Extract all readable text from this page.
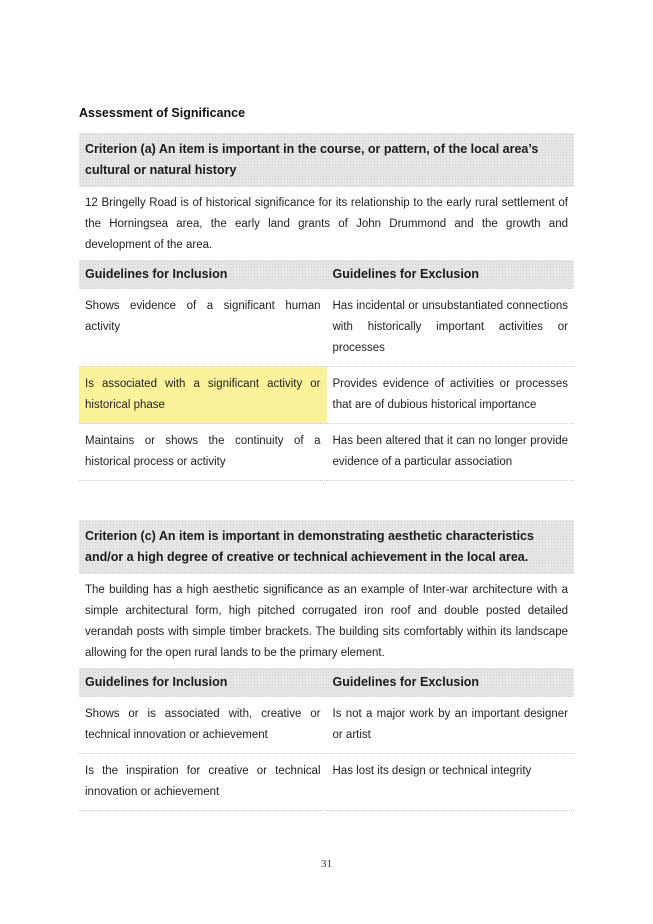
Assessment of Significance
Criterion (a) An item is important in the course, or pattern, of the local area’s cultural or natural history
12 Bringelly Road is of historical significance for its relationship to the early rural settlement of the Horningsea area, the early land grants of John Drummond and the growth and development of the area.
Guidelines for Inclusion	Guidelines for Exclusion
Shows evidence of a significant human activity	Has incidental or unsubstantiated connections with historically important activities or processes
Is associated with a significant activity or historical phase	Provides evidence of activities or processes that are of dubious historical importance
Maintains or shows the continuity of a historical process or activity	Has been altered that it can no longer provide evidence of a particular association
Criterion (c) An item is important in demonstrating aesthetic characteristics and/or a high degree of creative or technical achievement in the local area.
The building has a high aesthetic significance as an example of Inter-war architecture with a simple architectural form, high pitched corrugated iron roof and double posted detailed verandah posts with simple timber brackets. The building sits comfortably within its landscape allowing for the open rural lands to be the primary element.
Guidelines for Inclusion	Guidelines for Exclusion
Shows or is associated with, creative or technical innovation or achievement	Is not a major work by an important designer or artist
Is the inspiration for creative or technical innovation or achievement	Has lost its design or technical integrity
31
